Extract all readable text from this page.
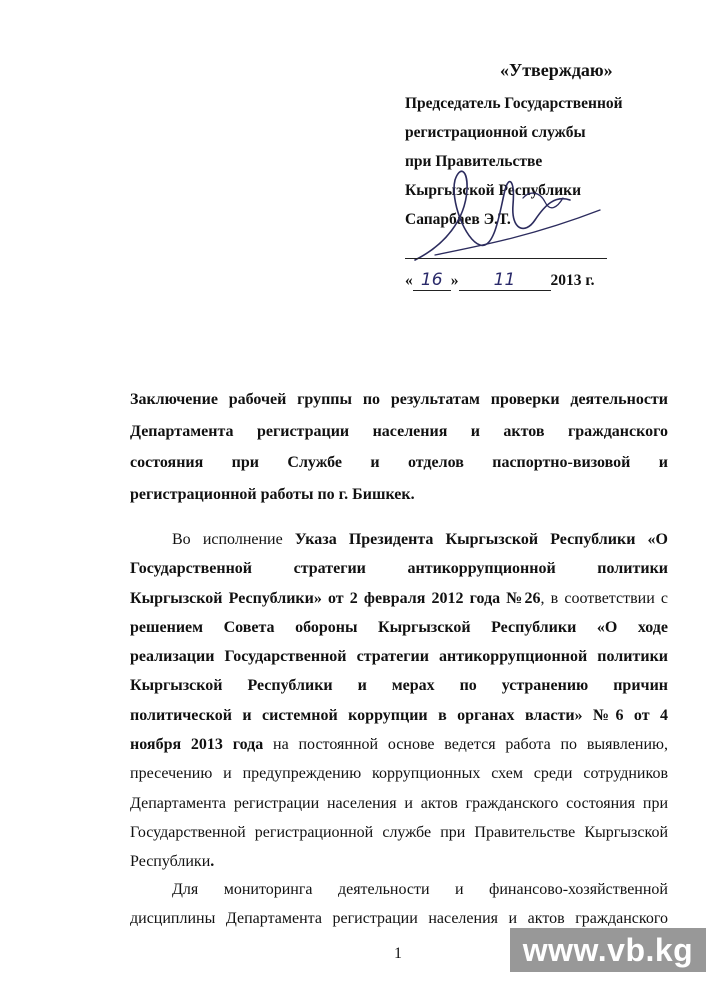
«Утверждаю»
Председатель Государственной
регистрационной службы
при Правительстве
Кыргызской Республики
Сапарбаев Э.Т.
« 16 » 11 2013 г.
Заключение рабочей группы по результатам проверки деятельности
Департамента регистрации населения и актов гражданского
состояния при Службе и отделов паспортно-визовой и
регистрационной работы по г. Бишкек.
Во исполнение Указа Президента Кыргызской Республики «О
Государственной стратегии антикоррупционной политики
Кыргызской Республики» от 2 февраля 2012 года №26, в соответствии с
решением Совета обороны Кыргызской Республики «О ходе
реализации Государственной стратегии антикоррупционной политики
Кыргызской Республики и мерах по устранению причин
политической и системной коррупции в органах власти» №6 от 4
ноября 2013 года на постоянной основе ведется работа по выявлению,
пресечению и предупреждению коррупционных схем среди сотрудников
Департамента регистрации населения и актов гражданского состояния при
Государственной регистрационной службе при Правительстве Кыргызской
Республики.
Для мониторинга деятельности и финансово-хозяйственной
дисциплины Департамента регистрации населения и актов гражданского
1	www.vb.kg
